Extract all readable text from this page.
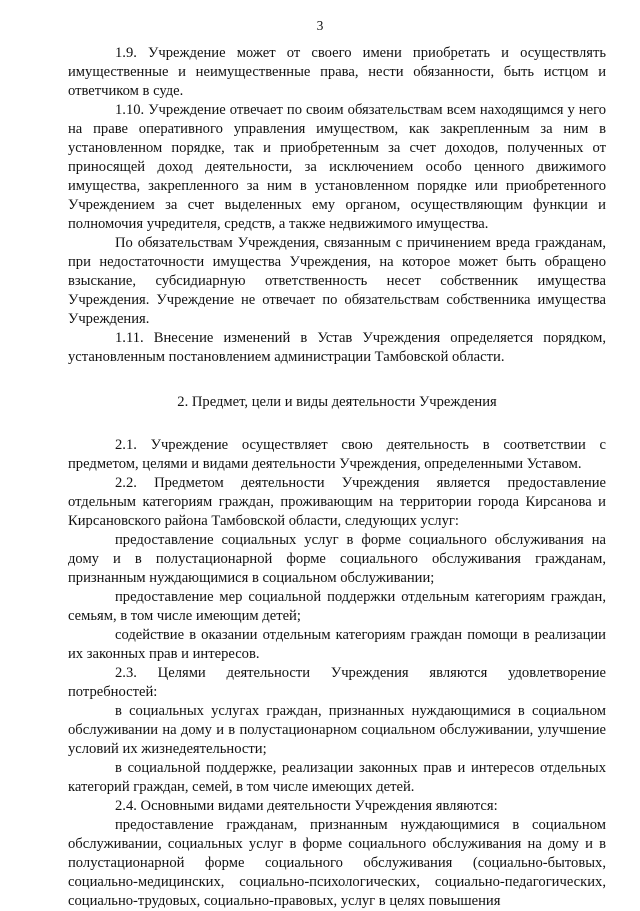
3

1.9. Учреждение может от своего имени приобретать и осуществлять имущественные и неимущественные права, нести обязанности, быть истцом и ответчиком в суде.

1.10. Учреждение отвечает по своим обязательствам всем находящимся у него на праве оперативного управления имуществом, как закрепленным за ним в установленном порядке, так и приобретенным за счет доходов, полученных от приносящей доход деятельности, за исключением особо ценного движимого имущества, закрепленного за ним в установленном порядке или приобретенного Учреждением за счет выделенных ему органом, осуществляющим функции и полномочия учредителя, средств, а также недвижимого имущества.

По обязательствам Учреждения, связанным с причинением вреда гражданам, при недостаточности имущества Учреждения, на которое может быть обращено взыскание, субсидиарную ответственность несет собственник имущества Учреждения. Учреждение не отвечает по обязательствам собственника имущества Учреждения.

1.11. Внесение изменений в Устав Учреждения определяется порядком, установленным постановлением администрации Тамбовской области.

2. Предмет, цели и виды деятельности Учреждения

2.1. Учреждение осуществляет свою деятельность в соответствии с предметом, целями и видами деятельности Учреждения, определенными Уставом.

2.2. Предметом деятельности Учреждения является предоставление отдельным категориям граждан, проживающим на территории города Кирсанова и Кирсановского района Тамбовской области, следующих услуг:

предоставление социальных услуг в форме социального обслуживания на дому и в полустационарной форме социального обслуживания гражданам, признанным нуждающимися в социальном обслуживании;

предоставление мер социальной поддержки отдельным категориям граждан, семьям, в том числе имеющим детей;

содействие в оказании отдельным категориям граждан помощи в реализации их законных прав и интересов.

2.3. Целями деятельности Учреждения являются удовлетворение потребностей:

в социальных услугах граждан, признанных нуждающимися в социальном обслуживании на дому и в полустационарном социальном обслуживании, улучшение условий их жизнедеятельности;

в социальной поддержке, реализации законных прав и интересов отдельных категорий граждан, семей, в том числе имеющих детей.

2.4. Основными видами деятельности Учреждения являются:

предоставление гражданам, признанным нуждающимися в социальном обслуживании, социальных услуг в форме социального обслуживания на дому и в полустационарной форме социального обслуживания (социально-бытовых, социально-медицинских, социально-психологических, социально-педагогических, социально-трудовых, социально-правовых, услуг в целях повышения
